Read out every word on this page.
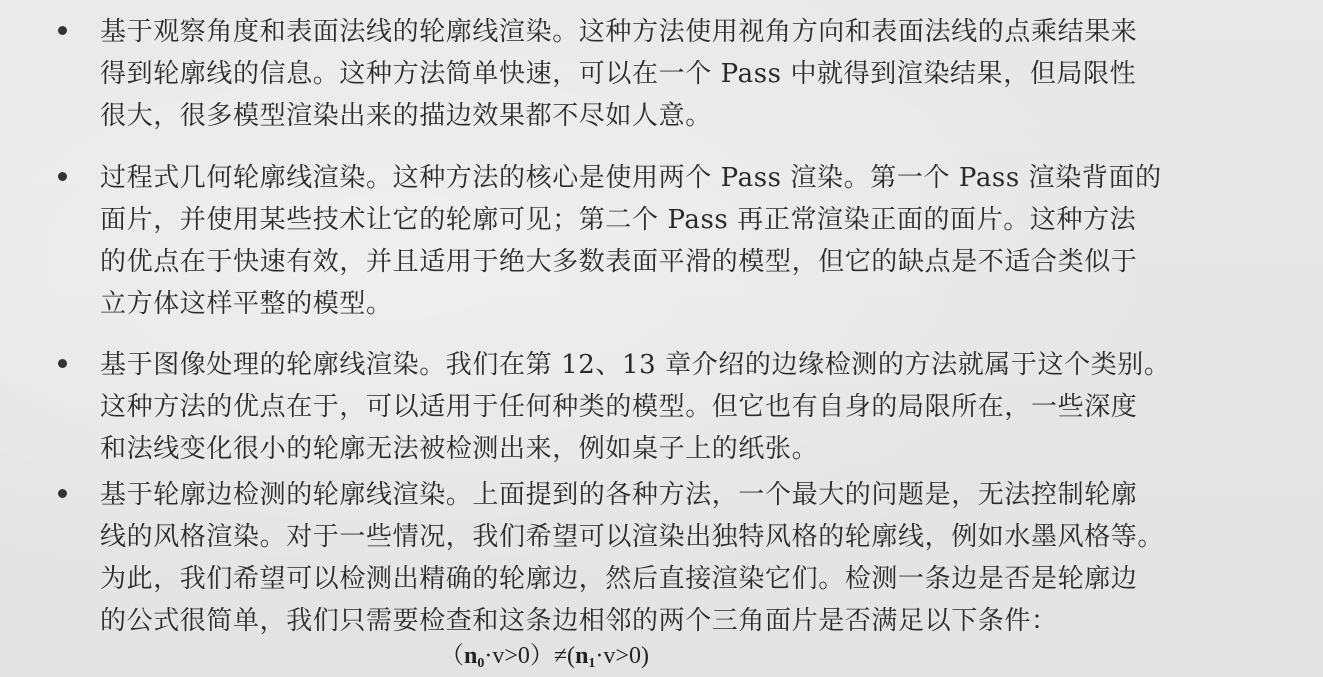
基于观察角度和表面法线的轮廓线渲染。这种方法使用视角方向和表面法线的点乘结果来
得到轮廓线的信息。这种方法简单快速，可以在一个 Pass 中就得到渲染结果，但局限性
很大，很多模型渲染出来的描边效果都不尽如人意。
过程式几何轮廓线渲染。这种方法的核心是使用两个 Pass 渲染。第一个 Pass 渲染背面的
面片，并使用某些技术让它的轮廓可见；第二个 Pass 再正常渲染正面的面片。这种方法
的优点在于快速有效，并且适用于绝大多数表面平滑的模型，但它的缺点是不适合类似于
立方体这样平整的模型。
基于图像处理的轮廓线渲染。我们在第 12、13 章介绍的边缘检测的方法就属于这个类别。
这种方法的优点在于，可以适用于任何种类的模型。但它也有自身的局限所在，一些深度
和法线变化很小的轮廓无法被检测出来，例如桌子上的纸张。
基于轮廓边检测的轮廓线渲染。上面提到的各种方法，一个最大的问题是，无法控制轮廓
线的风格渲染。对于一些情况，我们希望可以渲染出独特风格的轮廓线，例如水墨风格等。
为此，我们希望可以检测出精确的轮廓边，然后直接渲染它们。检测一条边是否是轮廓边
的公式很简单，我们只需要检查和这条边相邻的两个三角面片是否满足以下条件：
$(n_0\cdot v>0)\ne(n_1\cdot v>0)$
